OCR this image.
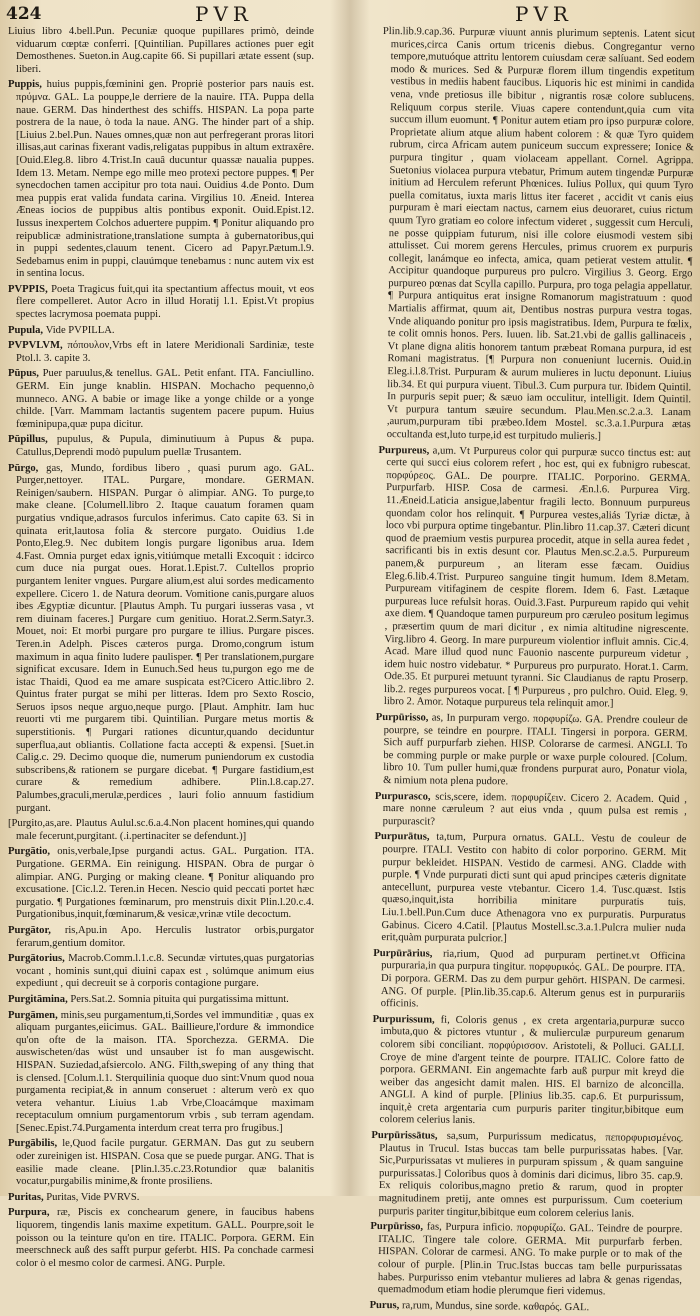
424	PVR	PVR

Liuius libro 4.bell.Pun. Pecuniæ quoque pupillares primò, deinde viduarum cœptæ conferri. [Quintilian. Pupillares actiones puer egit Demosthenes. Sueton.in Aug.capite 66. Si pupillari ætate essent (sup. liberi.

Puppis, huius puppis,fœminini gen. Propriè posterior pars nauis est. πρύμνα. GAL. La pouppe,le derriere de la nauire. ITA. Puppa della naue. GERM. Das hinderthest des schiffs. HISPAN. La popa parte postrera de la naue, ò toda la naue. ANG. The hinder part of a ship. [Liuius 2.bel.Pun. Naues omnes,quæ non aut perfregerant proras litori illisas,aut carinas fixerant vadis,religatas puppibus in altum extraxêre. [Ouid.Eleg.8. libro 4.Trist.In cauâ ducuntur quassæ naualia puppes. Idem 13. Metam. Nempe ego mille meo protexi pectore puppes. ¶ Per synecdochen tamen accipitur pro tota naui. Ouidius 4.de Ponto. Dum mea puppis erat valida fundata carina. Virgilius 10. Æneid. Interea Æneas iocios de puppibus altis pontibus exponit. Ouid.Epist.12. Iussus inexpertem Colchos aduertere puppim. ¶ Ponitur aliquando pro reipublicæ administratione,translatione sumpta à gubernatoribus,qui in puppi sedentes,clauum tenent. Cicero ad Papyr.Pætum.l.9. Sedebamus enim in puppi, clauúmque tenebamus : nunc autem vix est in sentina locus.

PVPPIS, Poeta Tragicus fuit,qui ita spectantium affectus mouit, vt eos flere compelleret. Autor Acro in illud Horatij l.1. Epist.Vt propius spectes lacrymosa poemata puppi.

Pupula, Vide PVPILLA.

PVPVLVM, πόπουλον,Vrbs eft in latere Meridionali Sardiniæ, teste Ptol.l. 3. capite 3.

Pūpus, Puer paruulus,& tenellus. GAL. Petit enfant. ITA. Fanciullino. GERM. Ein junge knablin. HISPAN. Mochacho pequenno,ò munneco. ANG. A babie or image like a yonge childe or a yonge childe. [Varr. Mammam lactantis sugentem pacere pupum. Huius fœminipupa,quæ pupa dicitur.

Pūpillus, pupulus, & Pupula, diminutiuum à Pupus & pupa. Catullus,Deprendi modò pupulum puellæ Trusantem.

Pūrgo, gas, Mundo, fordibus libero , quasi purum ago. GAL. Purger,nettoyer. ITAL. Purgare, mondare. GERMAN. Reinigen/saubern. HISPAN. Purgar ò alimpiar. ANG. To purge,to make cleane. [Columell.libro 2. Itaque cauatum foramen quam purgatius vndique,adrasos furculos inferimus. Cato capite 63. Si in quinata erit,lautosa folia & stercore purgato. Ouidius 1.de Ponto,Eleg.9. Nec dubitem longis purgare ligonibus arua. Idem 4.Fast. Omnia purget edax ignis,vitiúmque metalli Excoquit : idcirco cum duce nia purgat oues. Horat.1.Epist.7. Cultellos proprio purgantem leniter vngues. Purgare alium,est alui sordes medicamento expellere. Cicero 1. de Natura deorum. Vomitione canis,purgare aluos ibes Ægyptiæ dicuntur. [Plautus Amph. Tu purgari iusseras vasa , vt rem diuinam faceres.] Purgare cum genitiuo. Horat.2.Serm.Satyr.3. Mouet, noi: Et morbi purgare pro purgare te illius. Purgare pisces. Teren.in Adelph. Pisces cæteros purga. Dromo,congrum istum maximum in aqua finito ludere paulisper. ¶ Per translationem,purgare significat excusare. Idem in Eunuch.Sed heus tu,purgon ego me de istac Thaidi, Quod ea me amare suspicata est?Cicero Attic.libro 2. Quintus frater purgat se mihi per litteras. Idem pro Sexto Roscio, Seruos ipsos neque arguo,neque purgo. [Plaut. Amphitr. Iam huc reuorti vti me purgarem tibi. Quintilian. Purgare metus mortis & superstitionis. ¶ Purgari rationes dicuntur,quando deciduntur superflua,aut obliantis. Collatione facta accepti & expensi. [Suet.in Calig.c. 29. Decimo quoque die, numerum puniendorum ex custodia subscribens,& rationem se purgare dicebat. ¶ Purgare fastidium,est curare & remedium adhibere. Plin.l.8.cap.27. Palumbes,graculi,merulæ,perdices , lauri folio annuum fastidium purgant.

[Purgito,as,are. Plautus Aulul.sc.6.a.4.Non placent homines,qui quando male fecerunt,purgitant. (.i.pertinaciter se defendunt.)]

Purgātio, onis,verbale,Ipse purgandi actus. GAL. Purgation. ITA. Purgatione. GERMA. Ein reinigung. HISPAN. Obra de purgar ò alimpiar. ANG. Purging or making cleane. ¶ Ponitur aliquando pro excusatione. [Cic.l.2. Teren.in Hecen. Nescio quid peccati portet hæc purgatio. ¶ Purgationes fœminarum, pro menstruis dixit Plin.l.20.c.4. Purgationibus,inquit,fœminarum,& vesicæ,vrinæ vtile decoctum.

Purgātor, ris,Apu.in Apo. Herculis lustrator orbis,purgator ferarum,gentium domitor.

Purgātorius, Macrob.Comm.l.1.c.8. Secundæ virtutes,quas purgatorias vocant , hominis sunt,qui diuini capax est , solúmque animum eius expediunt , qui decreuit se à corporis contagione purgare.

Purgitāmina, Pers.Sat.2. Somnia pituita qui purgatissima mittunt.

Purgāmen, minis,seu purgamentum,ti,Sordes vel immunditiæ , quas ex aliquam purgantes,eiicimus. GAL. Baillieure,l'ordure & immondice qu'on ofte de la maison. ITA. Sporchezza. GERMA. Die auswischeten/das wüst und unsauber ist fo man ausgewischt. HISPAN. Suziedad,afsiercolo. ANG. Filth,sweping of any thing that is clensed. [Colum.l.1. Sterquilinia quoque duo sint:Vnum quod noua purgamenta recipiat,& in annum conseruet : alterum verò ex quo vetera vehantur. Liuius 1.ab Vrbe,Cloacámque maximam receptaculum omnium purgamentorum vrbis , sub terram agendam.[Senec.Epist.74.Purgamenta interdum creat terra pro frugibus.]

Purgābilis, le,Quod facile purgatur. GERMAN. Das gut zu seubern oder zureinigen ist. HISPAN. Cosa que se puede purgar. ANG. That is easilie made cleane. [Plin.l.35.c.23.Rotundior quæ balanitis vocatur,purgabilis minime,& fronte prosiliens.

Puritas, Puritas, Vide PVRVS.

Purpura, ræ, Piscis ex conchearum genere, in faucibus habens liquorem, tingendis lanis maxime expetitum. GALL. Pourpre,soit le poisson ou la teinture qu'on en tire. ITALIC. Porpora. GERM. Ein meerschneck auß des safft purpur geferbt. HIS. Pa conchade carmesi color ò el mesmo color de carmesi. ANG. Purple.

Plin.lib.9.cap.36. Purpuræ viuunt annis plurimum septenis. Latent sicut murices,circa Canis ortum tricenis diebus. Congregantur verno tempore,mutuóque attritu lentorem cuiusdam ceræ salíuant. Sed eodem modo & murices. Sed & Purpuræ florem illum tingendis expetitum vestibus in mediis habent faucibus. Liquoris hic est minimi in candida vena, vnde pretiosus ille bibitur , nigrantis rosæ colore sublucens. Reliquum corpus sterile. Viuas capere contendunt,quia cum vita succum illum euomunt. ¶ Ponitur autem etiam pro ipso purpuræ colore. Proprietate alium atque alium habent colorem : & quæ Tyro quidem rubrum, circa Africam autem puniceum succum expressere; Ionice & purpura tingitur , quam violaceam appellant. Cornel. Agrippa. Suetonius violacea purpura vtebatur, Primum autem tingendæ Purpuræ initium ad Herculem referunt Phœnices. Iulius Pollux, qui quum Tyro puella comitatus, iuxta maris littus iter faceret , accidit vt canis eius purpuram è mari eiectam nactus, carnem eius deuoraret, cuius rictum quum Tyro gratiam eo colore infectum videret , suggessit cum Herculi, ne posse quippiam futurum, nisi ille colore eiusmodi vestem sibi attulisset. Cui morem gerens Hercules, primus cruorem ex purpuris collegit, lanámque eo infecta, amica, quam petierat vestem attulit. ¶ Accipitur quandoque purpureus pro pulcro. Virgilius 3. Georg. Ergo purpureo pœnas dat Scylla capillo. Purpura, pro toga pelagia appellatur. ¶ Purpura antiquitus erat insigne Romanorum magistratuum : quod Martialis affirmat, quum ait, Dentibus nostras purpura vestra togas. Vnde aliquando ponitur pro ipsis magistratibus. Idem, Purpura te fœlix, te colit omnis honos. Pers. Iuuen. lib. Sat.21.vbi de gallis gallinaceis , Vt plane digna alitis honorem tantum præbeat Romana purpura, id est Romani magistratus. [¶ Purpura non conueniunt lucernis. Ouid.in Eleg.i.l.8.Trist. Purpuram & aurum mulieres in luctu deponunt. Liuius lib.34. Et qui purpura viuent. Tibul.3. Cum purpura tur. Ibidem Quintil. In purpuris sepit puer; & sæuo iam occulitur, intelligit. Idem Quintil. Vt purpura tantum sæuire secundum. Plau.Men.sc.2.a.3. Lanam ,aurum,purpuram tibi præbeo.Idem Mostel. sc.3.a.1.Purpura ætas occultanda est,luto turpe,id est turpitudo mulieris.]

Purpureus, a,um. Vt Purpureus color qui purpuræ succo tinctus est: aut certe qui succi eius colorem refert , hoc est, qui ex fubnigro rubescat. πορφύρεος. GAL. De pourpre. ITALIC. Porporino. GERMA. Purpurfarb. HISP. Cosa de carmesi. Æn.l.6. Purpurea Virg. 11.Æneid.Laticia ansigue,labentur fragili lecto. Bonnuum purpureus quondam color hos relinquit. ¶ Purpurea vestes,aliás Tyriæ dictæ, à loco vbi purpura optime tingebantur. Plin.libro 11.cap.37. Cæteri dicunt quod de praemium vestis purpurea procedit, atque in sella aurea fedet , sacrificanti bis in extis desunt cor. Plautus Men.sc.2.a.5. Purpureum panem,& purpureum , an literam esse fæcam. Ouidius Eleg.6.lib.4.Trist. Purpureo sanguine tingit humum. Idem 8.Metam. Purpuream vitifaginem de cespite florem. Idem 6. Fast. Lætaque purpureas luce refulsit horas. Ouid.3.Fast. Purpureum rapido qui vehit axe diem. ¶ Quandoque tamen purpureum pro cæruleo positum legimus , præsertim quum de mari dicitur , ex nimia altitudine nigrescente. Virg.libro 4. Georg. In mare purpureum violentior influit amnis. Cic.4. Acad. Mare illud quod nunc Fauonio nascente purpureum videtur , idem huic nostro videbatur. * Purpureus pro purpurato. Horat.1. Carm. Ode.35. Et purpurei metuunt tyranni. Sic Claudianus de raptu Proserp. lib.2. reges purpureos vocat. [ ¶ Purpureus , pro pulchro. Ouid. Eleg. 9. libro 2. Amor. Notaque purpureus tela relinquit amor.]

Purpūrisso, as, In purpuram vergo. πορφυρίζω. GA. Prendre couleur de pourpre, se teindre en pourpre. ITALI. Tingersi in porpora. GERM. Sich auff purpurfarb ziehen. HISP. Colorarse de carmesi. ANGLI. To be comming purple or make purple or waxe purple coloured. [Colum. libro 10. Tum puller humi,quæ frondens purpurat auro, Ponatur viola, & nimium nota plena pudore.

Purpurasco, scis,scere, idem. πορφυρίζειν. Cicero 2. Academ. Quid , mare nonne cæruleum ? aut eius vnda , quum pulsa est remis , purpurascit?

Purpurātus, ta,tum, Purpura ornatus. GALL. Vestu de couleur de pourpre. ITALI. Vestito con habito di color porporino. GERM. Mit purpur bekleidet. HISPAN. Vestido de carmesi. ANG. Cladde with purple. ¶ Vnde purpurati dicti sunt qui apud principes cæteris dignitate antecellunt, purpurea veste vtebantur. Cicero 1.4. Tusc.quæst. Istis quæso,inquit,ista horribilia minitare purpuratis tuis. Liu.1.bell.Pun.Cum duce Athenagora vno ex purpuratis. Purpuratus Gabinus. Cicero 4.Catil. [Plautus Mostell.sc.3.a.1.Pulcra mulier nuda erit,quàm purpurata pulcrior.]

Purpūrārius, ria,rium, Quod ad purpuram pertinet.vt Officina purpuraria,in qua purpura tingitur. πορφυρικός. GAL. De pourpre. ITA. Di porpora. GERM. Das zu dem purpur gehört. HISPAN. De carmesi. ANG. Of purple. [Plin.lib.35.cap.6. Alterum genus est in purpurariis officinis.

Purpurissum, fi, Coloris genus , ex creta argentaria,purpuræ succo imbuta,quo & pictores vtuntur , & mulierculæ purpureum genarum colorem sibi conciliant. πορφύρισσον. Aristoteli, & Polluci. GALLI. Croye de mine d'argent teinte de pourpre. ITALIC. Colore fatto de porpora. GERMANI. Ein angemachte farb auß purpur mit kreyd die weiber das angesicht damit malen. HIS. El barnizo de alconcilla. ANGLI. A kind of purple. [Plinius lib.35. cap.6. Et purpurissum, inquit,è creta argentaria cum purpuris pariter tingitur,bibitque eum colorem celerius lanis.

Purpūrissātus, sa,sum, Purpurissum medicatus, πεπορφυρισμένος. Plautus in Trucul. Istas buccas tam belle purpurissatas habes. [Var. Sic,Purpurissatas vt mulieres in purpuram spissum , & quam sanguine purpurissatas.] Coloribus quos à dominis dari dicimus, libro 35. cap.9. Ex reliquis coloribus,magno pretio & rarum, quod in propter magnitudinem pretij, ante omnes est purpurissum. Cum coeterium purpuris pariter tingitur,bibitque eum colorem celerius lanis.

Purpūrisso, fas, Purpura inficio. πορφυρίζω. GAL. Teindre de pourpre. ITALIC. Tingere tale colore. GERMA. Mit purpurfarb ferben. HISPAN. Colorar de carmesi. ANG. To make purple or to mak of the colour of purple. [Plin.in Truc.Istas buccas tam belle purpurissatas habes. Purpurisso enim vtebantur mulieres ad labra & genas rigendas, quemadmodum etiam hodie plerumque fieri videmus.

Purus, ra,rum, Mundus, sine sorde. καθαρός. GAL.
